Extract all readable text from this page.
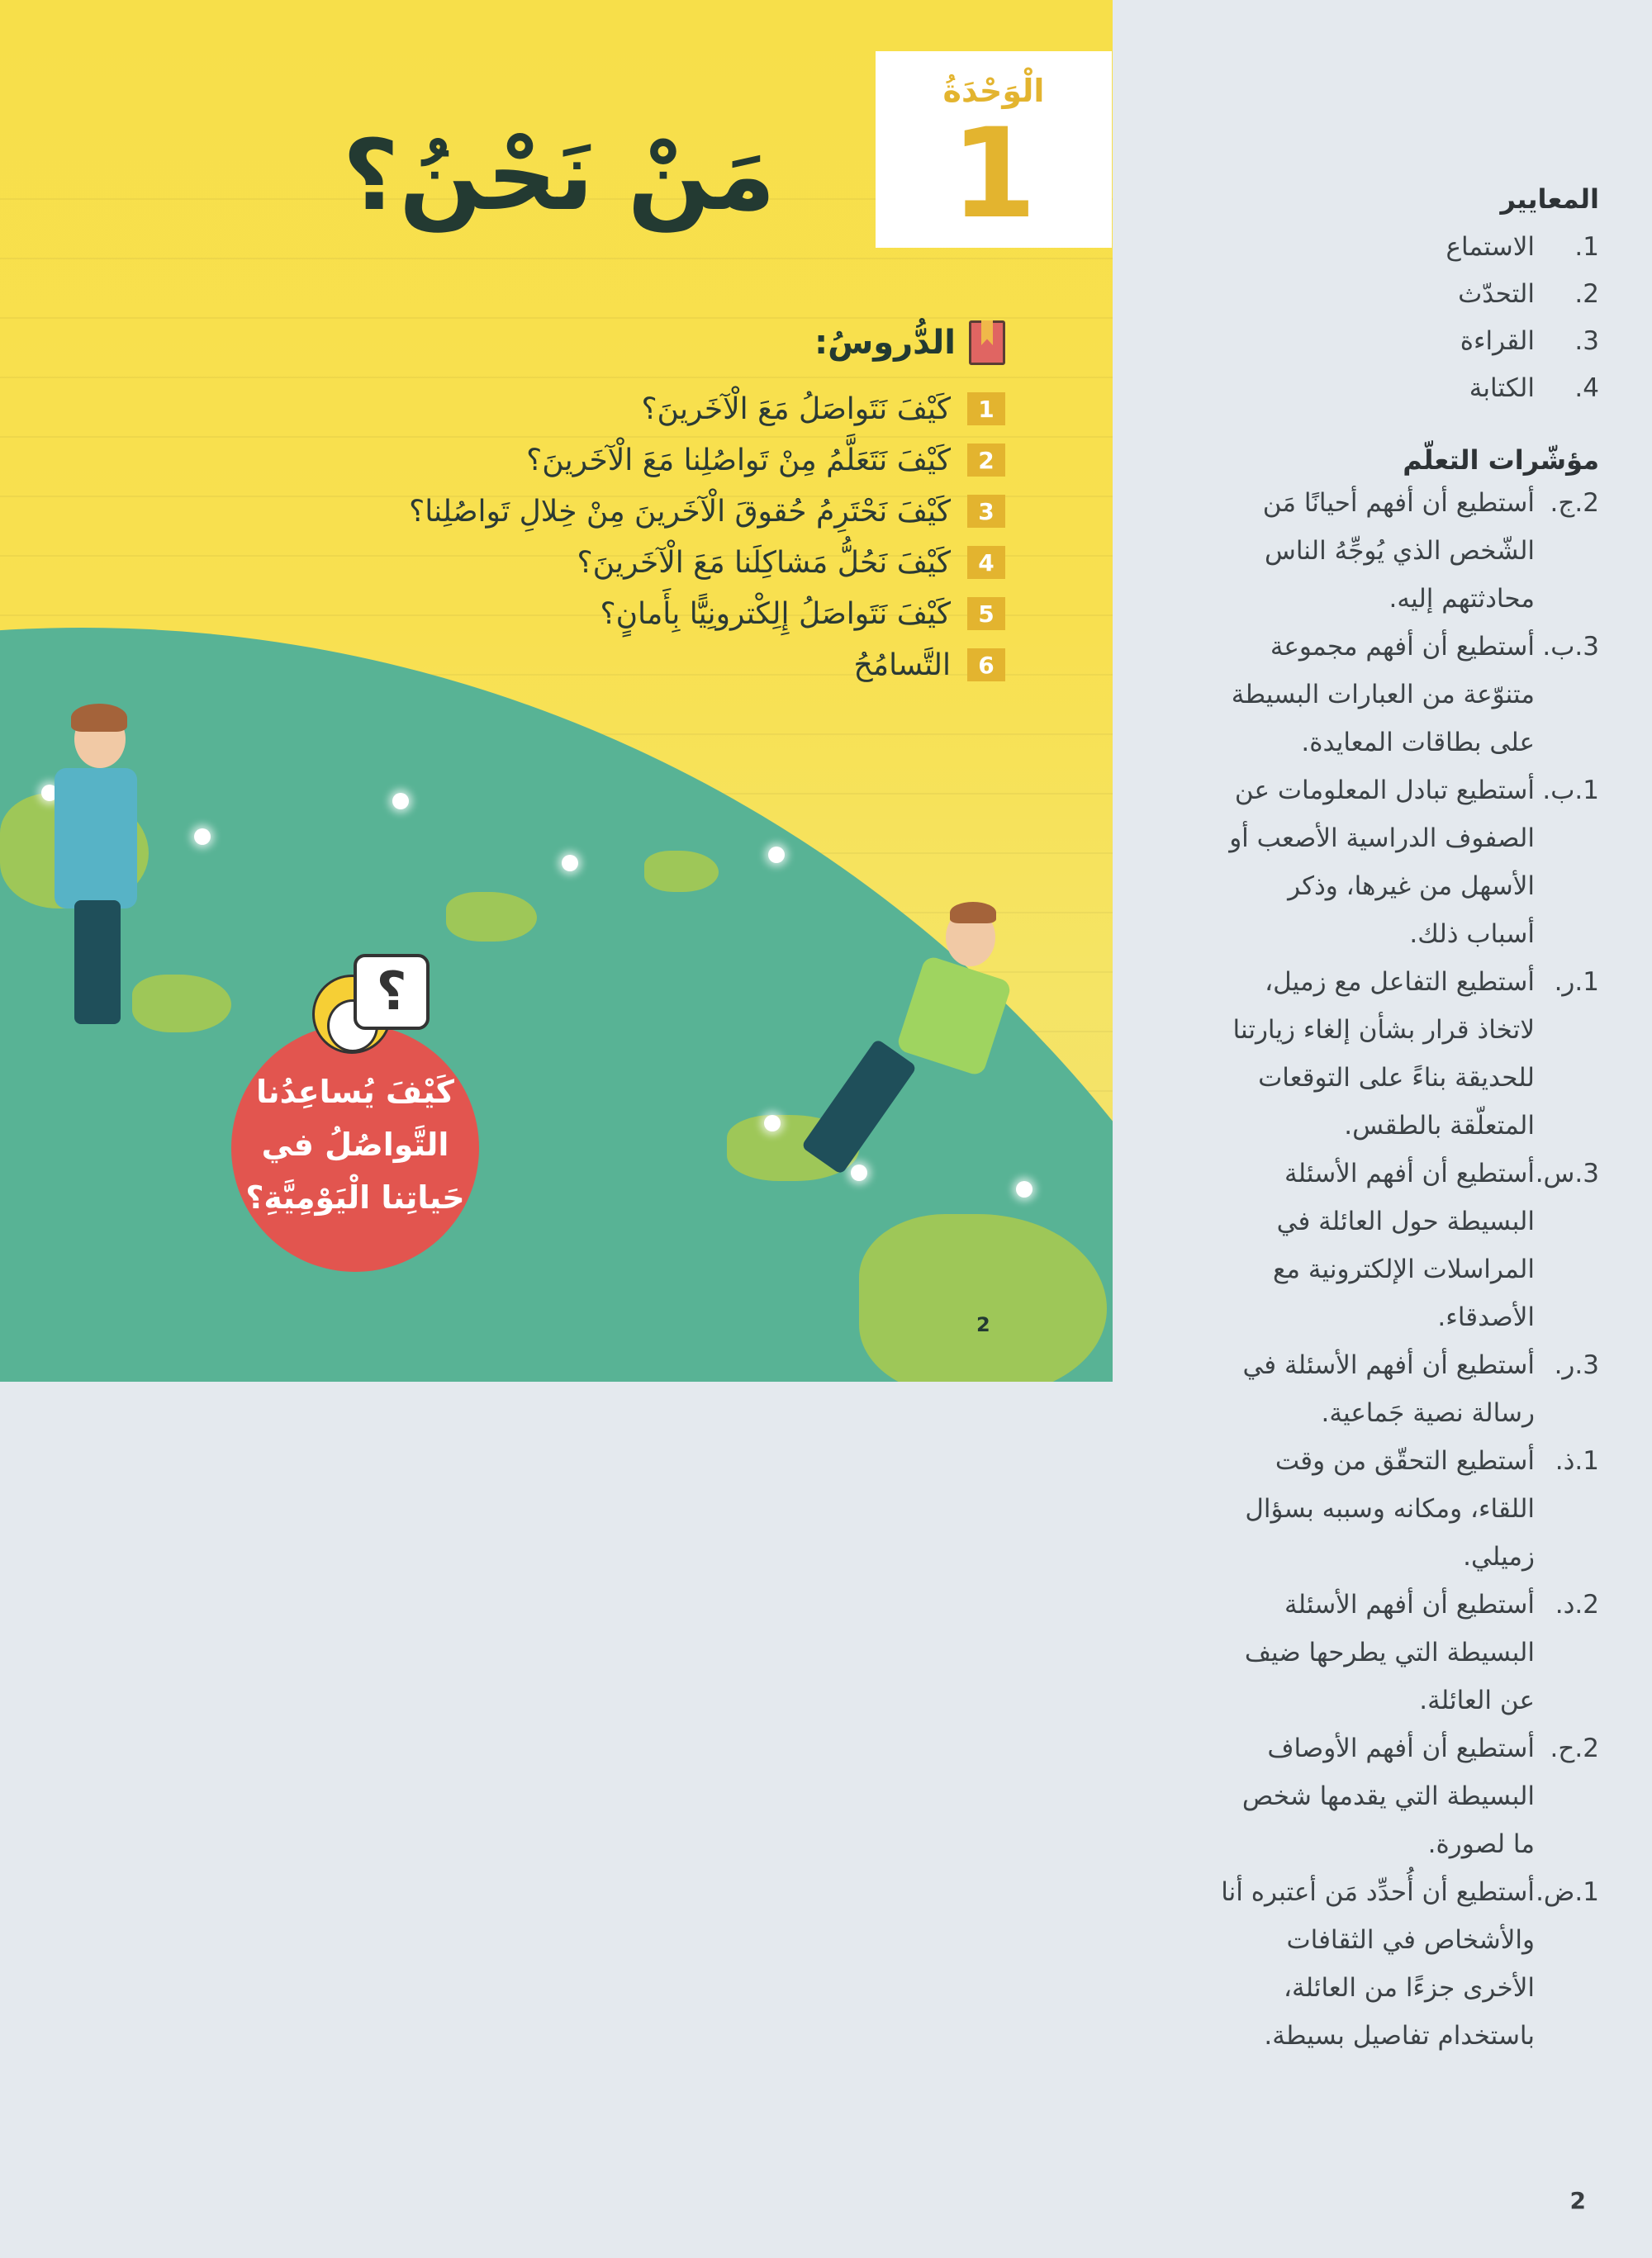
الْوَحْدَةُ
1
مَنْ نَحْنُ؟
الدُّروسُ:
1
كَيْفَ نَتَواصَلُ مَعَ الْآخَرينَ؟
2
كَيْفَ نَتَعَلَّمُ مِنْ تَواصُلِنا مَعَ الْآخَرينَ؟
3
كَيْفَ نَحْتَرِمُ حُقوقَ الْآخَرينَ مِنْ خِلالِ تَواصُلِنا؟
4
كَيْفَ نَحُلُّ مَشاكِلَنا مَعَ الْآخَرينَ؟
5
كَيْفَ نَتَواصَلُ إِلِكْترونِيًّا بِأَمانٍ؟
6
التَّسامُحُ
كَيْفَ يُساعِدُنا
التَّواصُلُ في
حَياتِنا الْيَوْمِيَّةِ؟
؟
2
المعايير
1.
الاستماع
2.
التحدّث
3.
القراءة
4.
الكتابة
مؤشّرات التعلّم
2.ج.
أستطيع أن أفهم أحيانًا مَن الشّخص الذي يُوجِّهُ الناس محادثتهم إليه.
3.ب.
أستطيع أن أفهم مجموعة متنوّعة من العبارات البسيطة على بطاقات المعايدة.
1.ب.
أستطيع تبادل المعلومات عن الصفوف الدراسية الأصعب أو الأسهل من غيرها، وذكر أسباب ذلك.
1.ر.
أستطيع التفاعل مع زميل، لاتخاذ قرار بشأن إلغاء زيارتنا للحديقة بناءً على التوقعات المتعلّقة بالطقس.
3.س.
أستطيع أن أفهم الأسئلة البسيطة حول العائلة في المراسلات الإلكترونية مع الأصدقاء.
3.ر.
أستطيع أن أفهم الأسئلة في رسالة نصية جَماعية.
1.ذ.
أستطيع التحقّق من وقت اللقاء، ومكانه وسببه بسؤال زميلي.
2.د.
أستطيع أن أفهم الأسئلة البسيطة التي يطرحها ضيف عن العائلة.
2.ح.
أستطيع أن أفهم الأوصاف البسيطة التي يقدمها شخص ما لصورة.
1.ض.
أستطيع أن أُحدِّد مَن أعتبره أنا والأشخاص في الثقافات الأخرى جزءًا من العائلة، باستخدام تفاصيل بسيطة.
2
